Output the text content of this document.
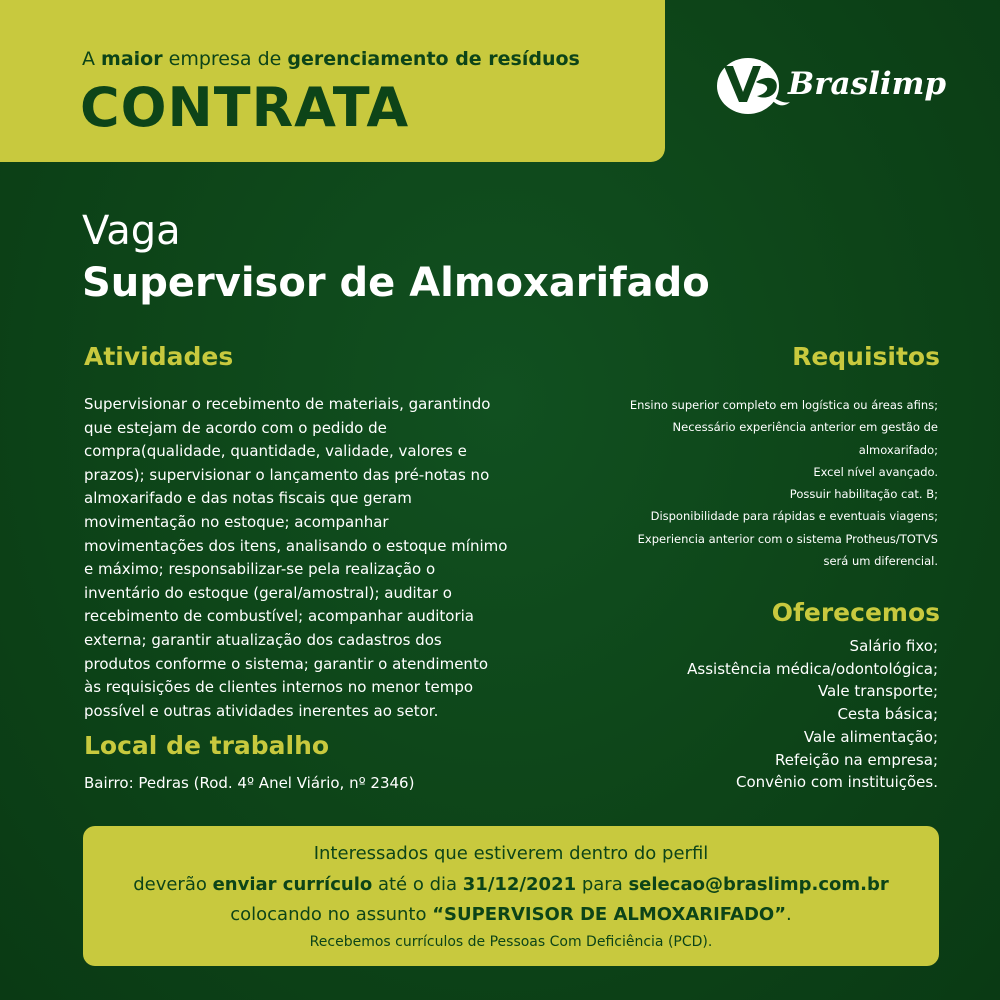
A maior empresa de gerenciamento de resíduos
CONTRATA	Braslimp
Vaga
Supervisor de Almoxarifado
Atividades
Supervisionar o recebimento de materiais, garantindo
que estejam de acordo com o pedido de
compra(qualidade, quantidade, validade, valores e
prazos); supervisionar o lançamento das pré-notas no
almoxarifado e das notas fiscais que geram
movimentação no estoque; acompanhar
movimentações dos itens, analisando o estoque mínimo
e máximo; responsabilizar-se pela realização o
inventário do estoque (geral/amostral); auditar o
recebimento de combustível; acompanhar auditoria
externa; garantir atualização dos cadastros dos
produtos conforme o sistema; garantir o atendimento
às requisições de clientes internos no menor tempo
possível e outras atividades inerentes ao setor.
Requisitos
Ensino superior completo em logística ou áreas afins;
Necessário experiência anterior em gestão de
almoxarifado;
Excel nível avançado.
Possuir habilitação cat. B;
Disponibilidade para rápidas e eventuais viagens;
Experiencia anterior com o sistema Protheus/TOTVS
será um diferencial.
Oferecemos
Salário fixo;
Assistência médica/odontológica;
Vale transporte;
Cesta básica;
Vale alimentação;
Refeição na empresa;
Convênio com instituições.
Local de trabalho
Bairro: Pedras (Rod. 4º Anel Viário, nº 2346)
Interessados que estiverem dentro do perfil
deverão enviar currículo até o dia 31/12/2021 para selecao@braslimp.com.br
colocando no assunto “SUPERVISOR DE ALMOXARIFADO”.
Recebemos currículos de Pessoas Com Deficiência (PCD).
